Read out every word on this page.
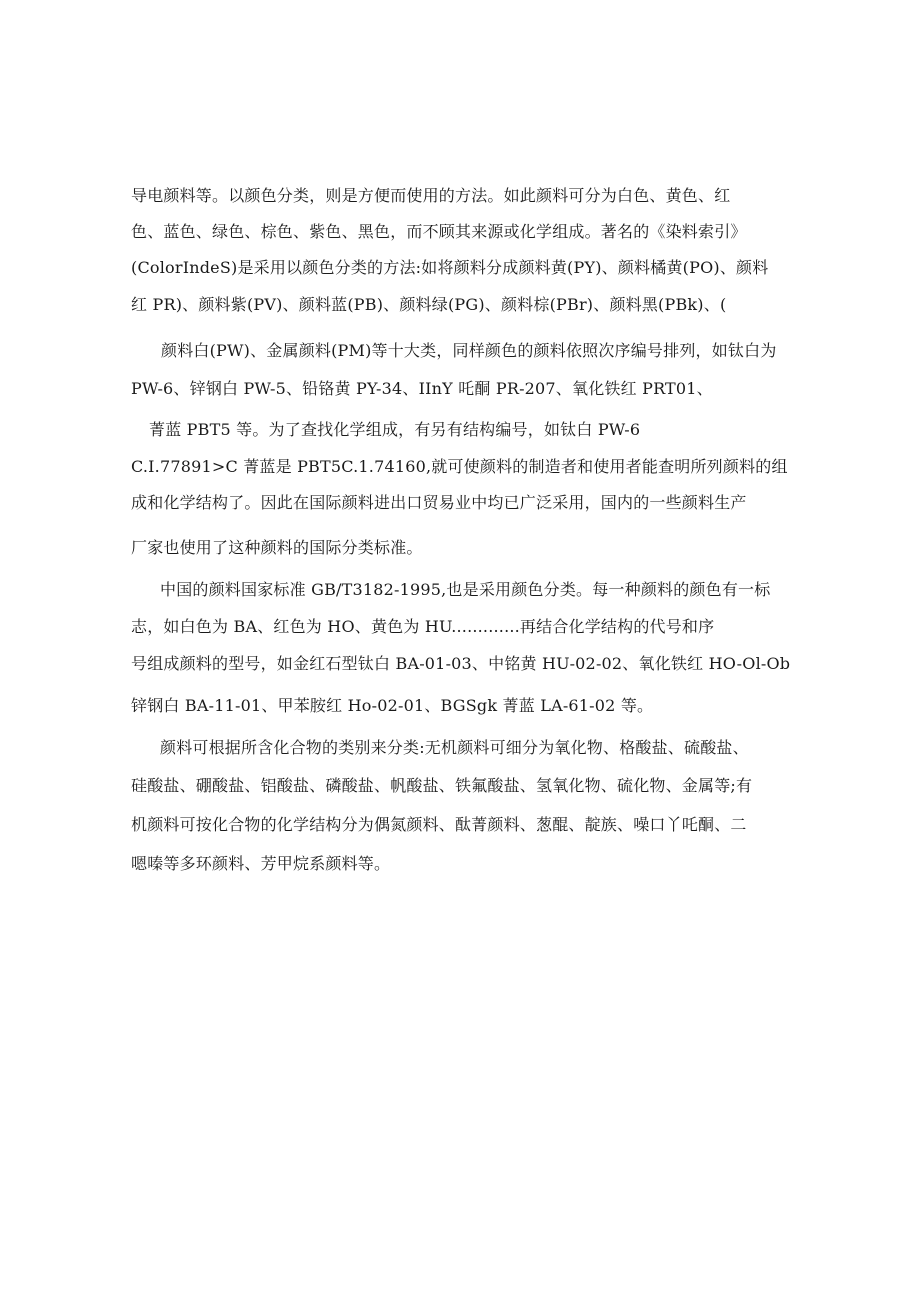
导电颜料等。以颜色分类，则是方便而使用的方法。如此颜料可分为白色、黄色、红
色、蓝色、绿色、棕色、紫色、黑色，而不顾其来源或化学组成。著名的《染料索引》
(ColorIndeS)是采用以颜色分类的方法:如将颜料分成颜料黄(PY)、颜料橘黄(PO)、颜料
红 PR)、颜料紫(PV)、颜料蓝(PB)、颜料绿(PG)、颜料棕(PBr)、颜料黑(PBk)、(
颜料白(PW)、金属颜料(PM)等十大类，同样颜色的颜料依照次序编号排列，如钛白为
PW-6、锌钢白 PW-5、铅铬黄 PY-34、IInY 吒酮 PR-207、氧化铁红 PRT01、
菁蓝 PBT5 等。为了查找化学组成，有另有结构编号，如钛白 PW-6
C.I.77891>C 菁蓝是 PBT5C.1.74160,就可使颜料的制造者和使用者能查明所列颜料的组
成和化学结构了。因此在国际颜料进出口贸易业中均已广泛采用，国内的一些颜料生产
厂家也使用了这种颜料的国际分类标准。
中国的颜料国家标准 GB/T3182-1995,也是采用颜色分类。每一种颜料的颜色有一标
志，如白色为 BA、红色为 HO、黄色为 HU.............再结合化学结构的代号和序
号组成颜料的型号，如金红石型钛白 BA-01-03、中铭黄 HU-02-02、氧化铁红 HO-Ol-Ob
锌钢白 BA-11-01、甲苯胺红 Ho-02-01、BGSgk 菁蓝 LA-61-02 等。
颜料可根据所含化合物的类别来分类:无机颜料可细分为氧化物、格酸盐、硫酸盐、
硅酸盐、硼酸盐、铝酸盐、磷酸盐、帆酸盐、铁氟酸盐、氢氧化物、硫化物、金属等;有
机颜料可按化合物的化学结构分为偶氮颜料、酞菁颜料、葱醌、靛族、噪口丫吒酮、二
嗯嗪等多环颜料、芳甲烷系颜料等。
